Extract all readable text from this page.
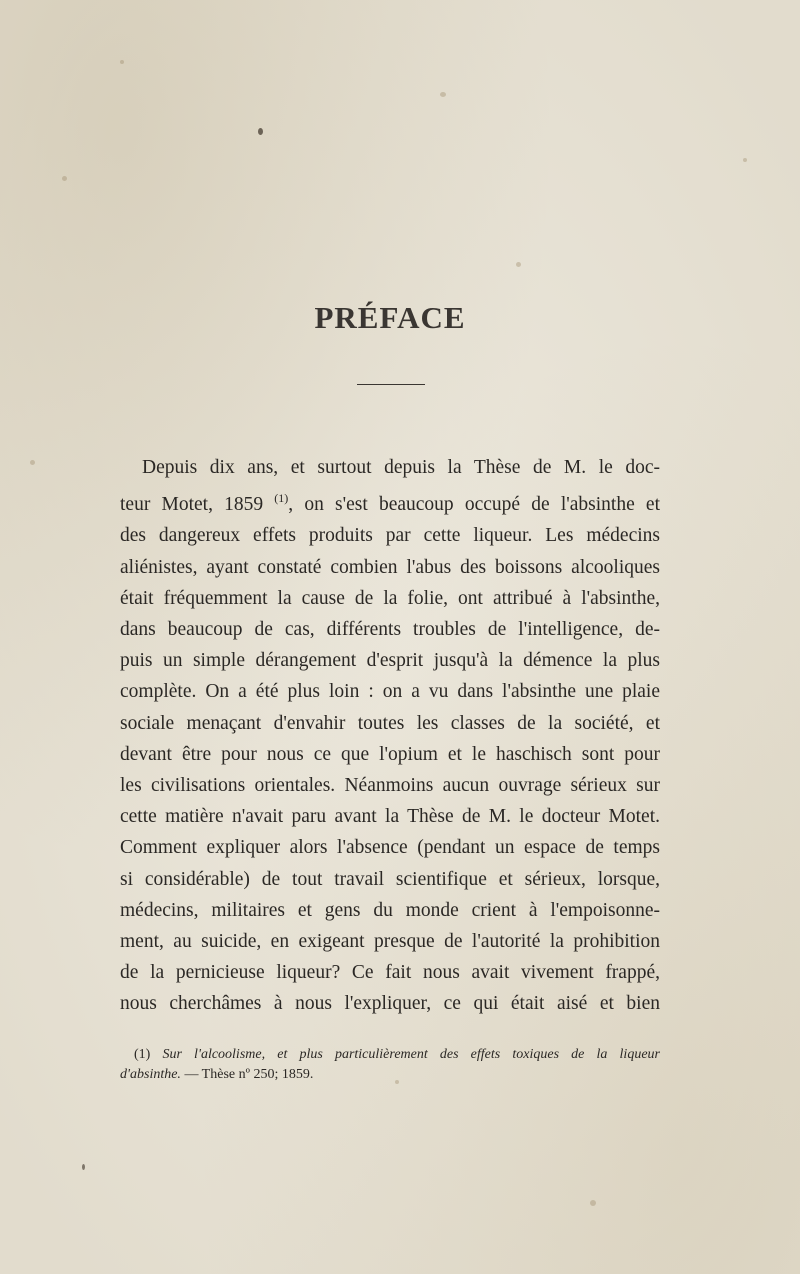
PRÉFACE
Depuis dix ans, et surtout depuis la Thèse de M. le doc-
teur Motet, 1859 $^{(1)}$, on s'est beaucoup occupé de l'absinthe et
des dangereux effets produits par cette liqueur. Les médecins
aliénistes, ayant constaté combien l'abus des boissons alcooliques
était fréquemment la cause de la folie, ont attribué à l'absinthe,
dans beaucoup de cas, différents troubles de l'intelligence, de-
puis un simple dérangement d'esprit jusqu'à la démence la plus
complète. On a été plus loin : on a vu dans l'absinthe une plaie
sociale menaçant d'envahir toutes les classes de la société, et
devant être pour nous ce que l'opium et le haschisch sont pour
les civilisations orientales. Néanmoins aucun ouvrage sérieux sur
cette matière n'avait paru avant la Thèse de M. le docteur Motet.
Comment expliquer alors l'absence (pendant un espace de temps
si considérable) de tout travail scientifique et sérieux, lorsque,
médecins, militaires et gens du monde crient à l'empoisonne-
ment, au suicide, en exigeant presque de l'autorité la prohibition
de la pernicieuse liqueur? Ce fait nous avait vivement frappé,
nous cherchâmes à nous l'expliquer, ce qui était aisé et bien
(1) Sur l'alcoolisme, et plus particulièrement des effets toxiques de la liqueur
d'absinthe. — Thèse nº 250; 1859.
